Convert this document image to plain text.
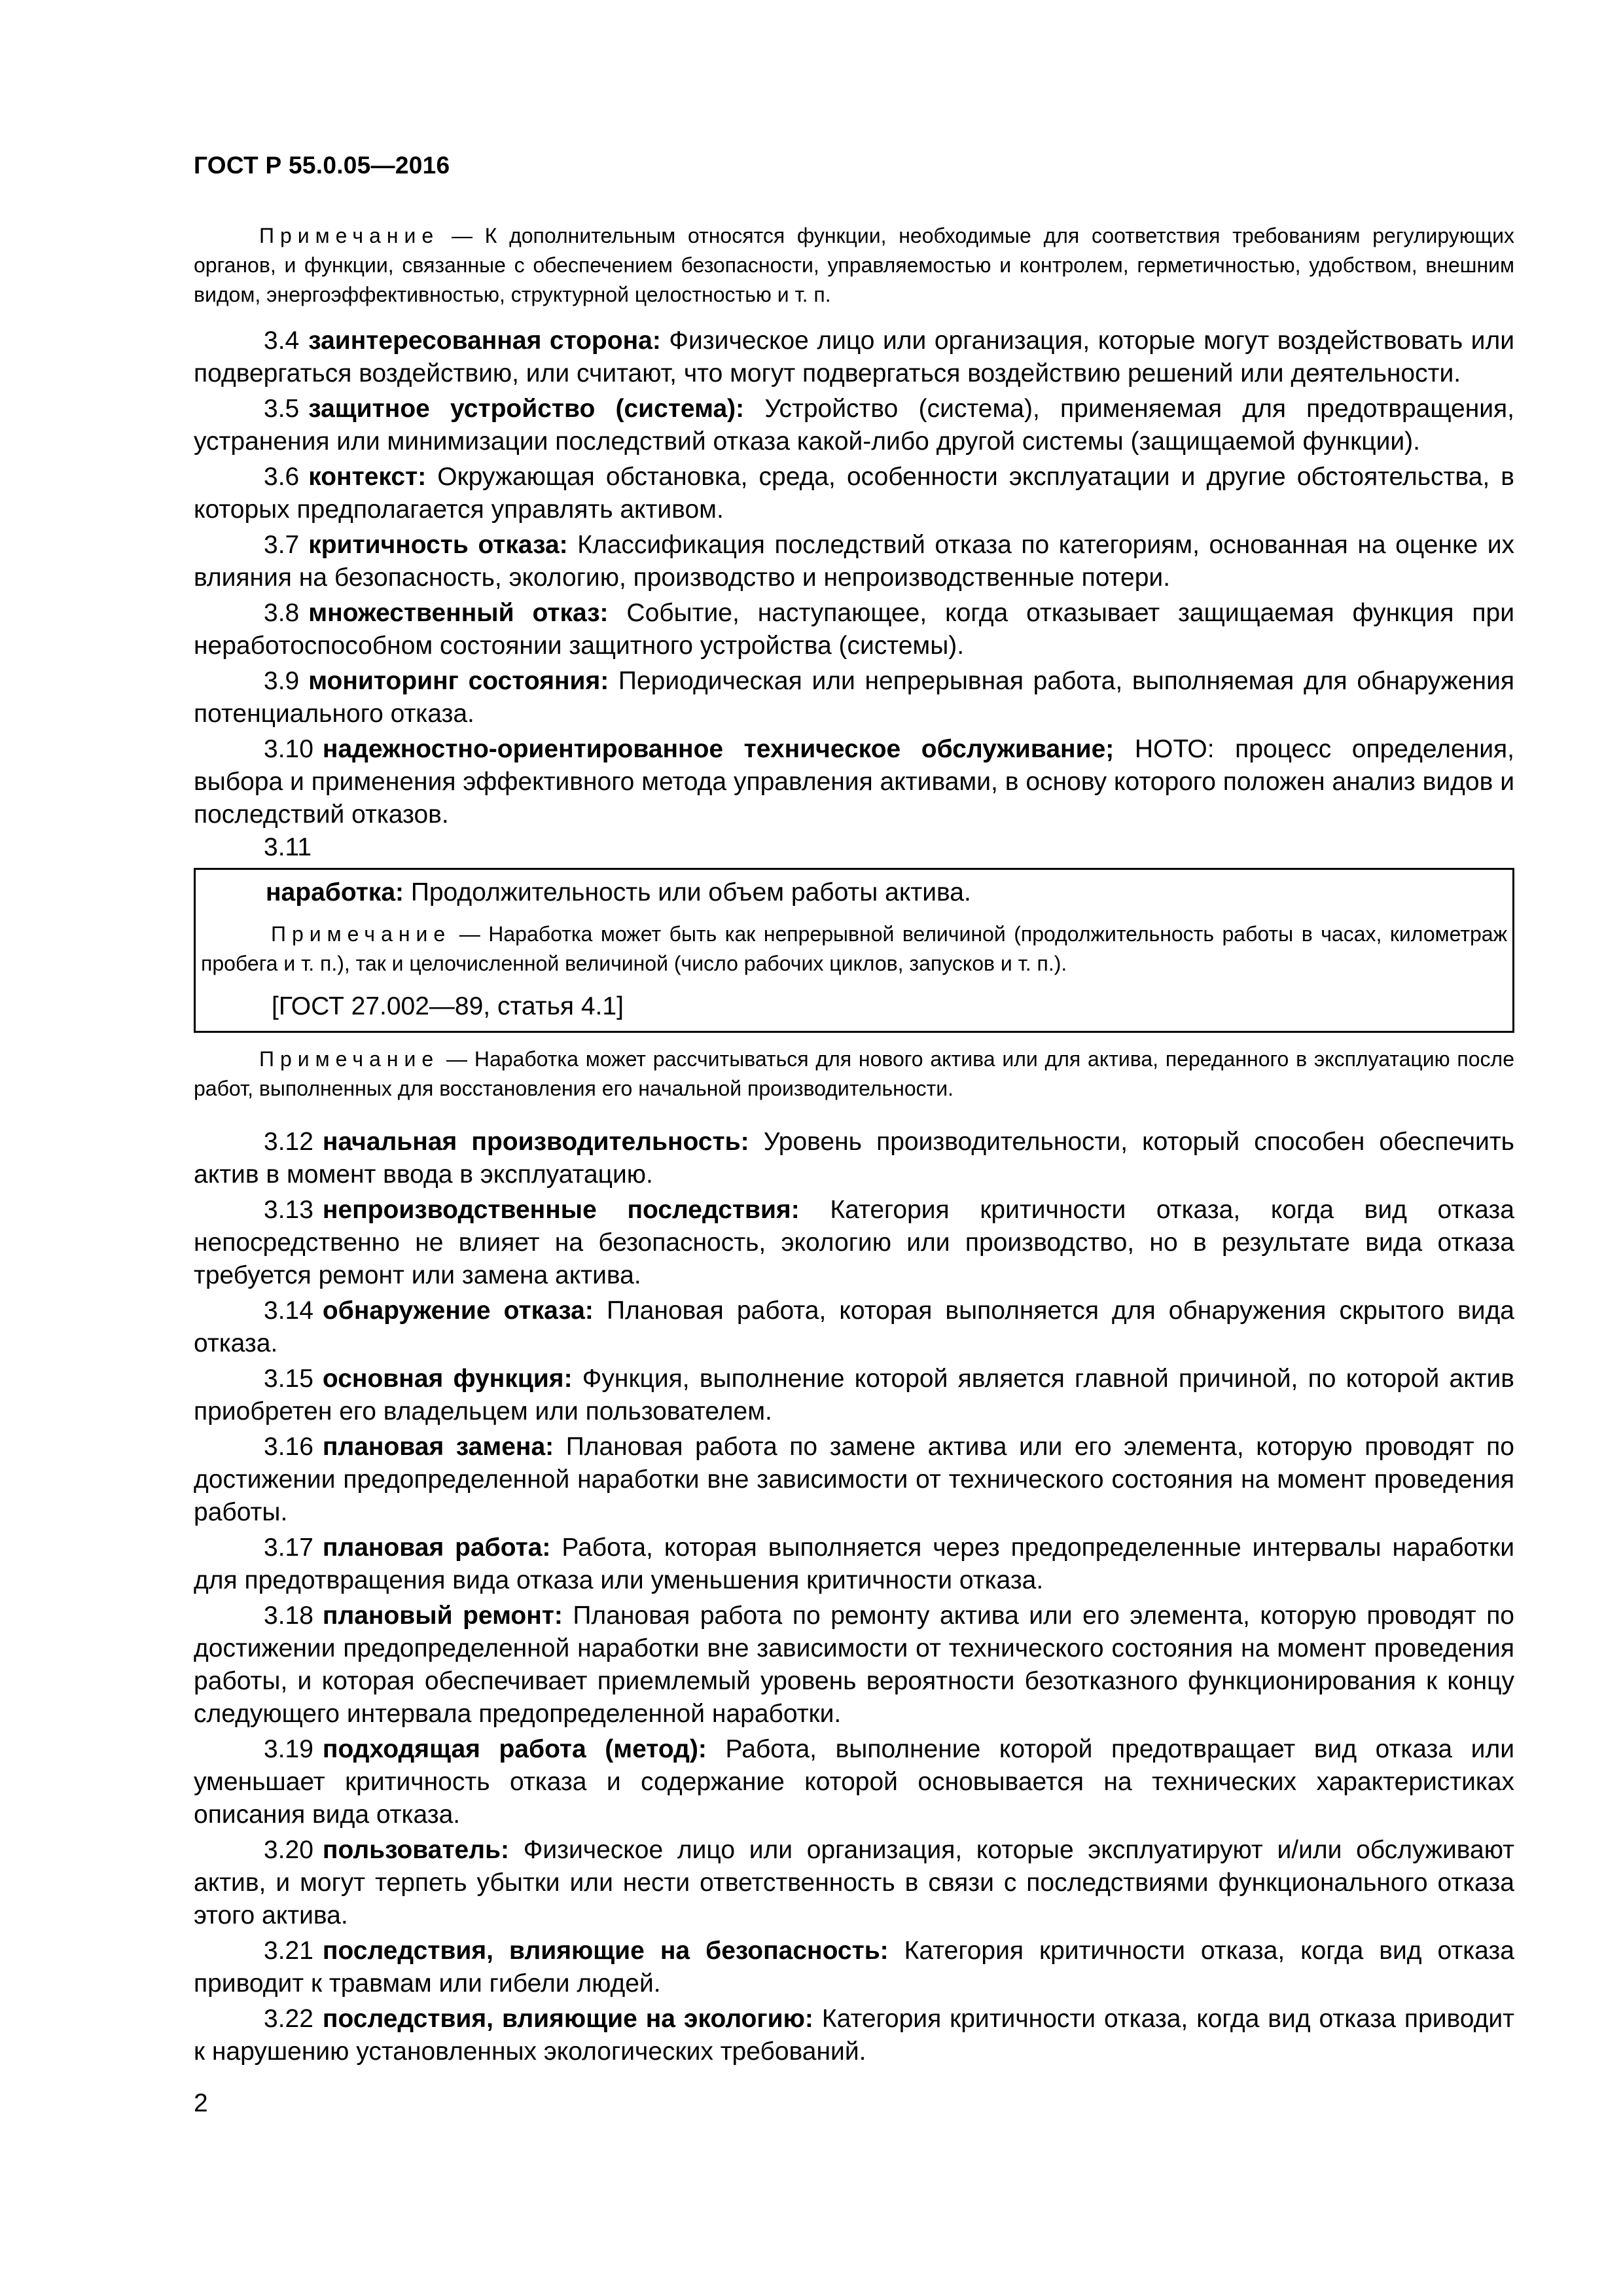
ГОСТ Р 55.0.05—2016
Примечание — К дополнительным относятся функции, необходимые для соответствия требованиям регулирующих органов, и функции, связанные с обеспечением безопасности, управляемостью и контролем, герметичностью, удобством, внешним видом, энергоэффективностью, структурной целостностью и т. п.
3.4 заинтересованная сторона: Физическое лицо или организация, которые могут воздействовать или подвергаться воздействию, или считают, что могут подвергаться воздействию решений или деятельности.
3.5 защитное устройство (система): Устройство (система), применяемая для предотвращения, устранения или минимизации последствий отказа какой-либо другой системы (защищаемой функции).
3.6 контекст: Окружающая обстановка, среда, особенности эксплуатации и другие обстоятельства, в которых предполагается управлять активом.
3.7 критичность отказа: Классификация последствий отказа по категориям, основанная на оценке их влияния на безопасность, экологию, производство и непроизводственные потери.
3.8 множественный отказ: Событие, наступающее, когда отказывает защищаемая функция при неработоспособном состоянии защитного устройства (системы).
3.9 мониторинг состояния: Периодическая или непрерывная работа, выполняемая для обнаружения потенциального отказа.
3.10 надежностно-ориентированное техническое обслуживание; НОТО: процесс определения, выбора и применения эффективного метода управления активами, в основу которого положен анализ видов и последствий отказов.
3.11
наработка: Продолжительность или объем работы актива.
Примечание — Наработка может быть как непрерывной величиной (продолжительность работы в часах, километраж пробега и т. п.), так и целочисленной величиной (число рабочих циклов, запусков и т. п.).
[ГОСТ 27.002—89, статья 4.1]
Примечание — Наработка может рассчитываться для нового актива или для актива, переданного в эксплуатацию после работ, выполненных для восстановления его начальной производительности.
3.12 начальная производительность: Уровень производительности, который способен обеспечить актив в момент ввода в эксплуатацию.
3.13 непроизводственные последствия: Категория критичности отказа, когда вид отказа непосредственно не влияет на безопасность, экологию или производство, но в результате вида отказа требуется ремонт или замена актива.
3.14 обнаружение отказа: Плановая работа, которая выполняется для обнаружения скрытого вида отказа.
3.15 основная функция: Функция, выполнение которой является главной причиной, по которой актив приобретен его владельцем или пользователем.
3.16 плановая замена: Плановая работа по замене актива или его элемента, которую проводят по достижении предопределенной наработки вне зависимости от технического состояния на момент проведения работы.
3.17 плановая работа: Работа, которая выполняется через предопределенные интервалы наработки для предотвращения вида отказа или уменьшения критичности отказа.
3.18 плановый ремонт: Плановая работа по ремонту актива или его элемента, которую проводят по достижении предопределенной наработки вне зависимости от технического состояния на момент проведения работы, и которая обеспечивает приемлемый уровень вероятности безотказного функционирования к концу следующего интервала предопределенной наработки.
3.19 подходящая работа (метод): Работа, выполнение которой предотвращает вид отказа или уменьшает критичность отказа и содержание которой основывается на технических характеристиках описания вида отказа.
3.20 пользователь: Физическое лицо или организация, которые эксплуатируют и/или обслуживают актив, и могут терпеть убытки или нести ответственность в связи с последствиями функционального отказа этого актива.
3.21 последствия, влияющие на безопасность: Категория критичности отказа, когда вид отказа приводит к травмам или гибели людей.
3.22 последствия, влияющие на экологию: Категория критичности отказа, когда вид отказа приводит к нарушению установленных экологических требований.
2
